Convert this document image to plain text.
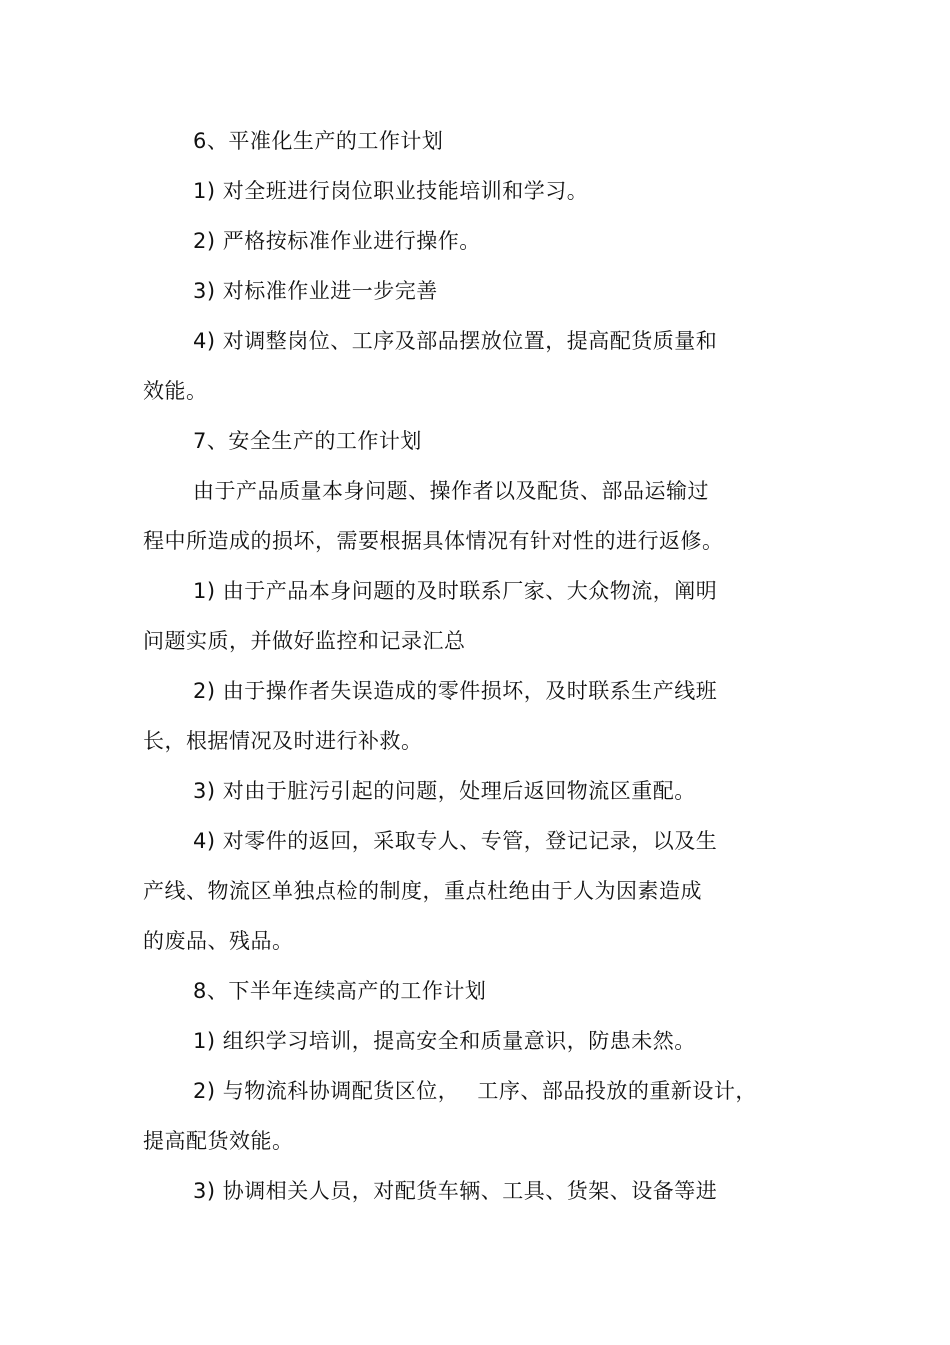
6、平准化生产的工作计划

1) 对全班进行岗位职业技能培训和学习。

2) 严格按标准作业进行操作。

3) 对标准作业进一步完善

4) 对调整岗位、工序及部品摆放位置，提高配货质量和

效能。

7、安全生产的工作计划

由于产品质量本身问题、操作者以及配货、部品运输过

程中所造成的损坏，需要根据具体情况有针对性的进行返修。

1) 由于产品本身问题的及时联系厂家、大众物流，阐明

问题实质，并做好监控和记录汇总

2) 由于操作者失误造成的零件损坏，及时联系生产线班

长，根据情况及时进行补救。

3) 对由于脏污引起的问题，处理后返回物流区重配。

4) 对零件的返回，采取专人、专管，登记记录，以及生

产线、物流区单独点检的制度，重点杜绝由于人为因素造成

的废品、残品。

8、下半年连续高产的工作计划

1) 组织学习培训，提高安全和质量意识，防患未然。

2) 与物流科协调配货区位，　 工序、部品投放的重新设计，

提高配货效能。

3) 协调相关人员，对配货车辆、工具、货架、设备等进
